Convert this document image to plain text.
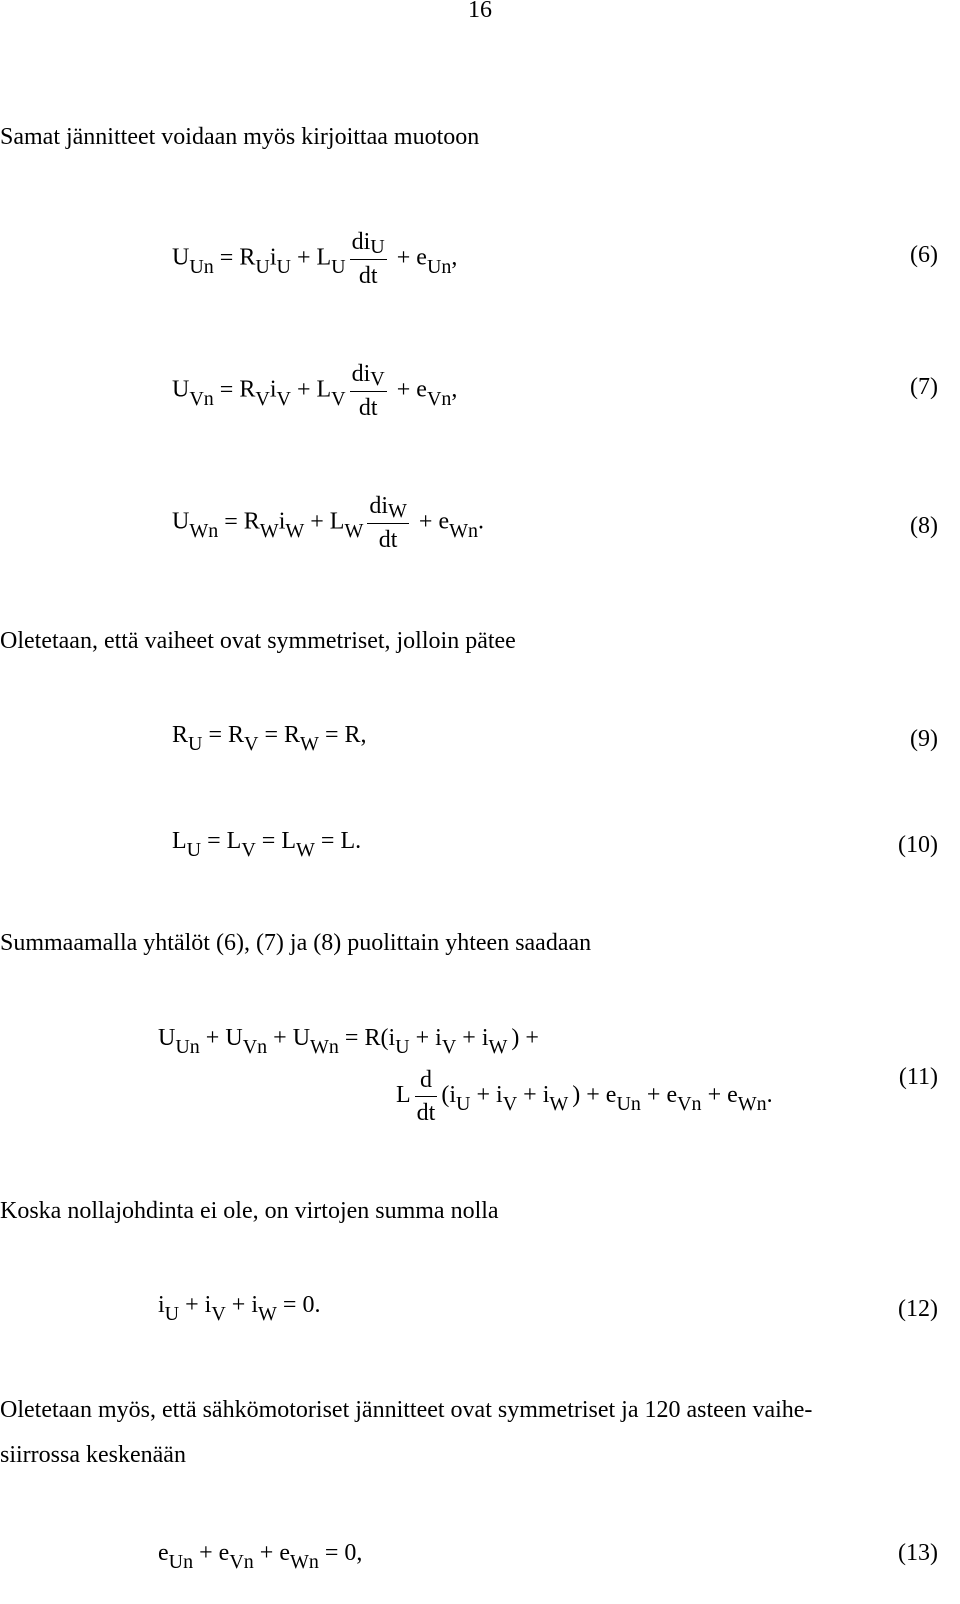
16
Samat jännitteet voidaan myös kirjoittaa muotoon
$U_{Un} = R_Ui_U + L_U \frac{\text{diU}}{dt} + e_{Un}$,	(6)
$U_{Vn} = R_Vi_V + L_V \frac{\text{diV}}{dt} + e_{Vn}$,	(7)
$U_{Wn} = R_Wi_W + L_W \frac{\text{diW}}{dt} + e_{Wn}$.	(8)
Oletetaan, että vaiheet ovat symmetriset, jolloin pätee
$R_U = R_V = R_W = R$,	(9)
$L_U = L_V = L_W = L$.	(10)
Summaamalla yhtälöt (6), (7) ja (8) puolittain yhteen saadaan
$U_{Un} + U_{Vn} + U_{Wn} = R(i_U + i_V + i_W$ ) +
L $\frac{d}{dt} (i_U + i_V + i_W$ ) + $e_{Un} + e_{Vn} + e_{Wn}$.
(11)
Koska nollajohdinta ei ole, on virtojen summa nolla
$i_U + i_V + i_W = 0$.	(12)
Oletetaan myös, että sähkömotoriset jännitteet ovat symmetriset ja 120 asteen vaihe-
siirrossa keskenään
$e_{Un} + e_{Vn} + e_{Wn} = 0$,	(13)
